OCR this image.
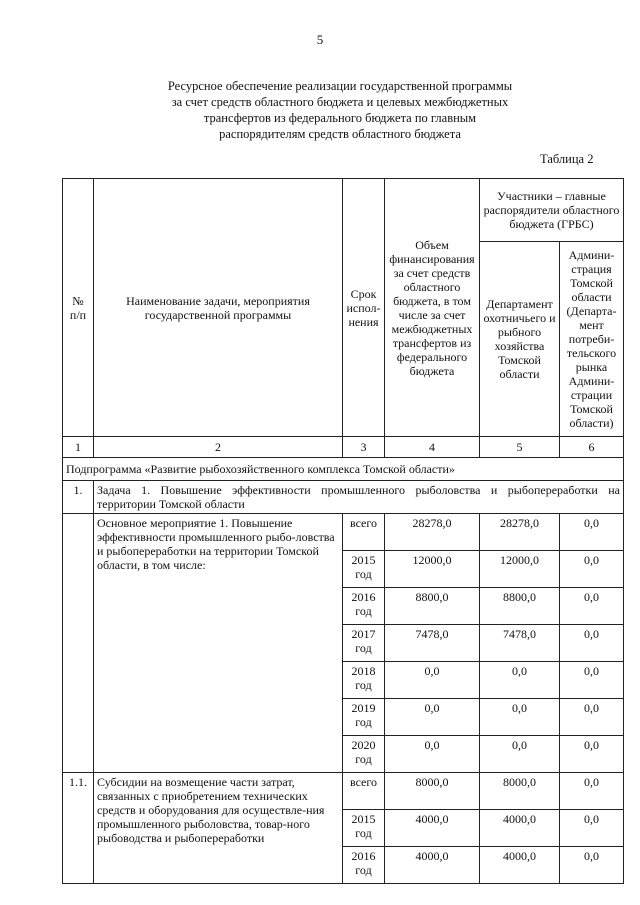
5
Ресурсное обеспечение реализации государственной программы
за счет средств областного бюджета и целевых межбюджетных
трансфертов из федерального бюджета по главным
распорядителям средств областного бюджета
Таблица 2
№ п/п	Наименование задачи, мероприятия государственной программы	Срок испол-нения	Объем финансирования за счет средств областного бюджета, в том числе за счет межбюджетных трансфертов из федерального бюджета	Участники – главные распорядители областного бюджета (ГРБС)	
				Департамент охотничьего и рыбного хозяйства Томской области	Админи-страция Томской области (Департа-мент потреби-тельского рынка Админи-страции Томской области)
1	2	3	4	5	6
Подпрограмма «Развитие рыбохозяйственного комплекса Томской области»					
1.	Задача 1. Повышение эффективности промышленного рыболовства и рыбопереработки на территории Томской области				
	Основное мероприятие 1. Повышение эффективности промышленного рыбо-ловства и рыбопереработки на территории Томской области, в том числе:	всего	28278,0	28278,0	0,0
		2015 год	12000,0	12000,0	0,0
		2016 год	8800,0	8800,0	0,0
		2017 год	7478,0	7478,0	0,0
		2018 год	0,0	0,0	0,0
		2019 год	0,0	0,0	0,0
		2020 год	0,0	0,0	0,0
1.1.	Субсидии на возмещение части затрат, связанных с приобретением технических средств и оборудования для осуществле-ния промышленного рыболовства, товар-ного рыбоводства и рыбопереработки	всего	8000,0	8000,0	0,0
		2015 год	4000,0	4000,0	0,0
		2016 год	4000,0	4000,0	0,0
